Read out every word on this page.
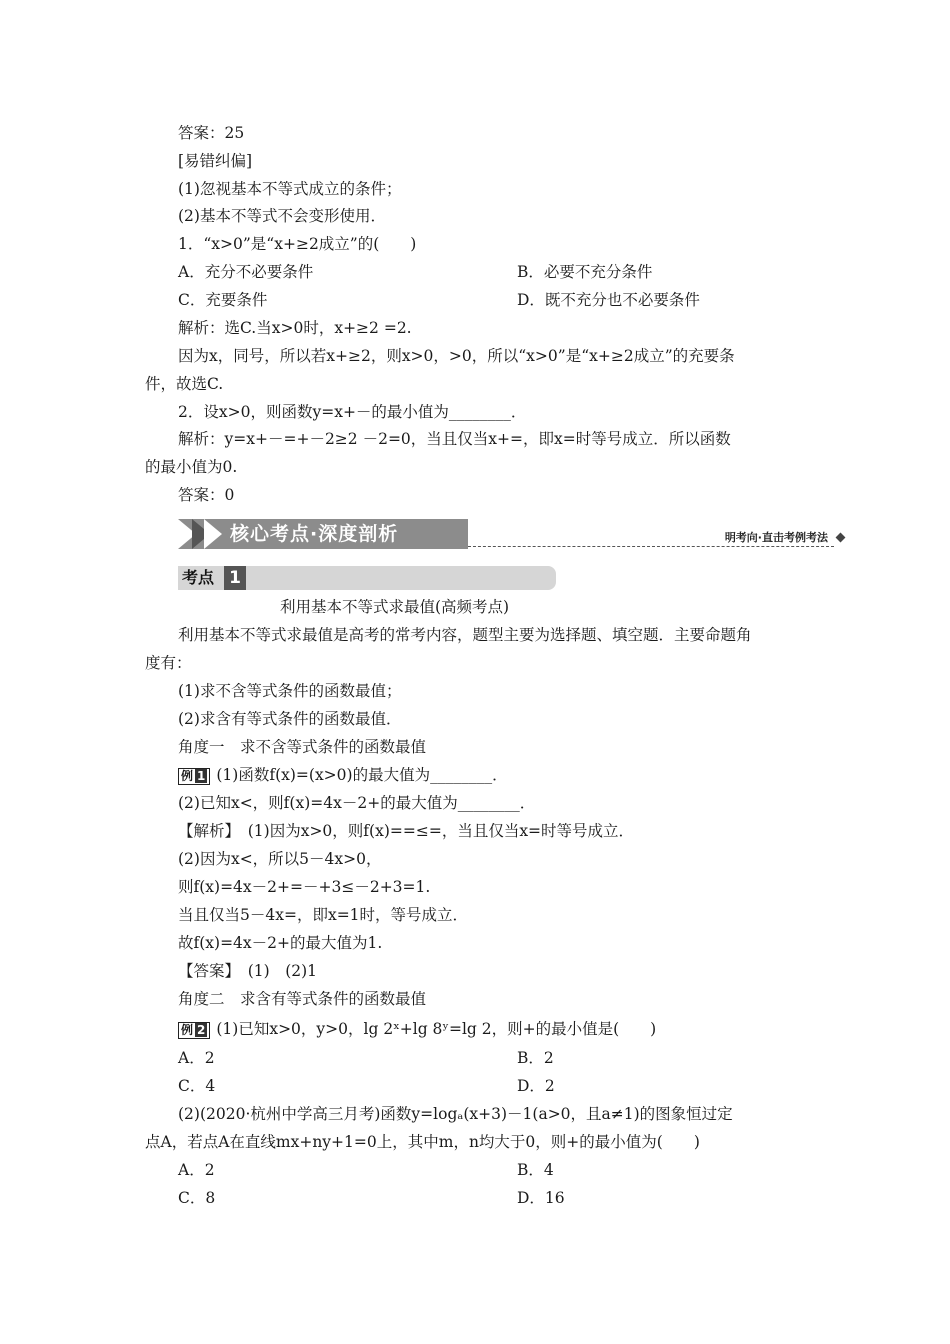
答案：25
[易错纠偏]
(1)忽视基本不等式成立的条件；
(2)基本不等式不会变形使用．
1．“x>0”是“x+≥2成立”的(　　)
A．充分不必要条件	B．必要不充分条件
C．充要条件	D．既不充分也不必要条件
解析：选C.当x>0时，x+≥2 =2.
因为x，同号，所以若x+≥2，则x>0，>0，所以“x>0”是“x+≥2成立”的充要条
件，故选C.
2．设x>0，则函数y=x+－的最小值为________．
解析：y=x+－=+－2≥2 －2=0，当且仅当x+=，即x=时等号成立．所以函数
的最小值为0.
答案：0
核心考点·深度剖析	明考向·直击考例考法
考点 1
利用基本不等式求最值(高频考点)
利用基本不等式求最值是高考的常考内容，题型主要为选择题、填空题．主要命题角
度有：
(1)求不含等式条件的函数最值；
(2)求含有等式条件的函数最值．
角度一　求不含等式条件的函数最值
例 1 (1)函数f(x)=(x>0)的最大值为________．
(2)已知x<，则f(x)=4x－2+的最大值为________．
【解析】　(1)因为x>0，则f(x)==≤=，当且仅当x=时等号成立．
(2)因为x<，所以5－4x>0，
则f(x)=4x－2+=－+3≤－2+3=1.
当且仅当5－4x=，即x=1时，等号成立．
故f(x)=4x－2+的最大值为1.
【答案】　(1)　(2)1
角度二　求含有等式条件的函数最值
例 2 (1)已知x>0，y>0，lg 2ˣ+lg 8ʸ=lg 2，则+的最小值是(　　)
A．2	B．2
C．4	D．2
(2)(2020·杭州中学高三月考)函数y=logₐ(x+3)－1(a>0，且a≠1)的图象恒过定
点A，若点A在直线mx+ny+1=0上，其中m，n均大于0，则+的最小值为(　　)
A．2	B．4
C．8	D．16
